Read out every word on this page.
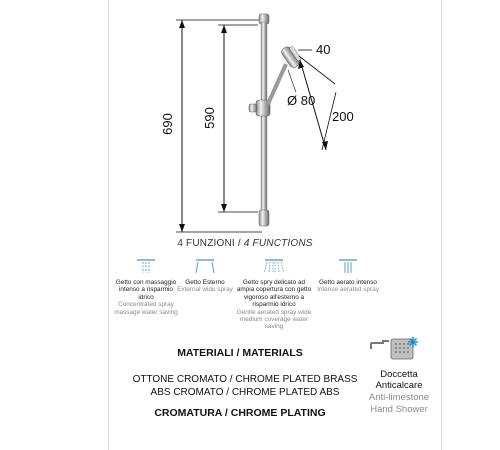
690 590
40
200
Ø 80
4 FUNZIONI / 4 FUNCTIONS
Getto con massaggio intenso a risparmio idrico
Concentrated spray massage water saving
Getto Esterno
External wide spray
Getto spry delicato ad ampia copertura con getto vigoroso all'esterno a risparmio idrico
Gentle aerated spray wide medium coverage water saving
Getto aerato intenso
Intense aerated spray
MATERIALI / MATERIALS
OTTONE CROMATO / CHROME PLATED BRASS
ABS CROMATO / CHROME PLATED ABS
CROMATURA / CHROME PLATING
Doccetta
Anticalcare
Anti-limestone
Hand Shower
